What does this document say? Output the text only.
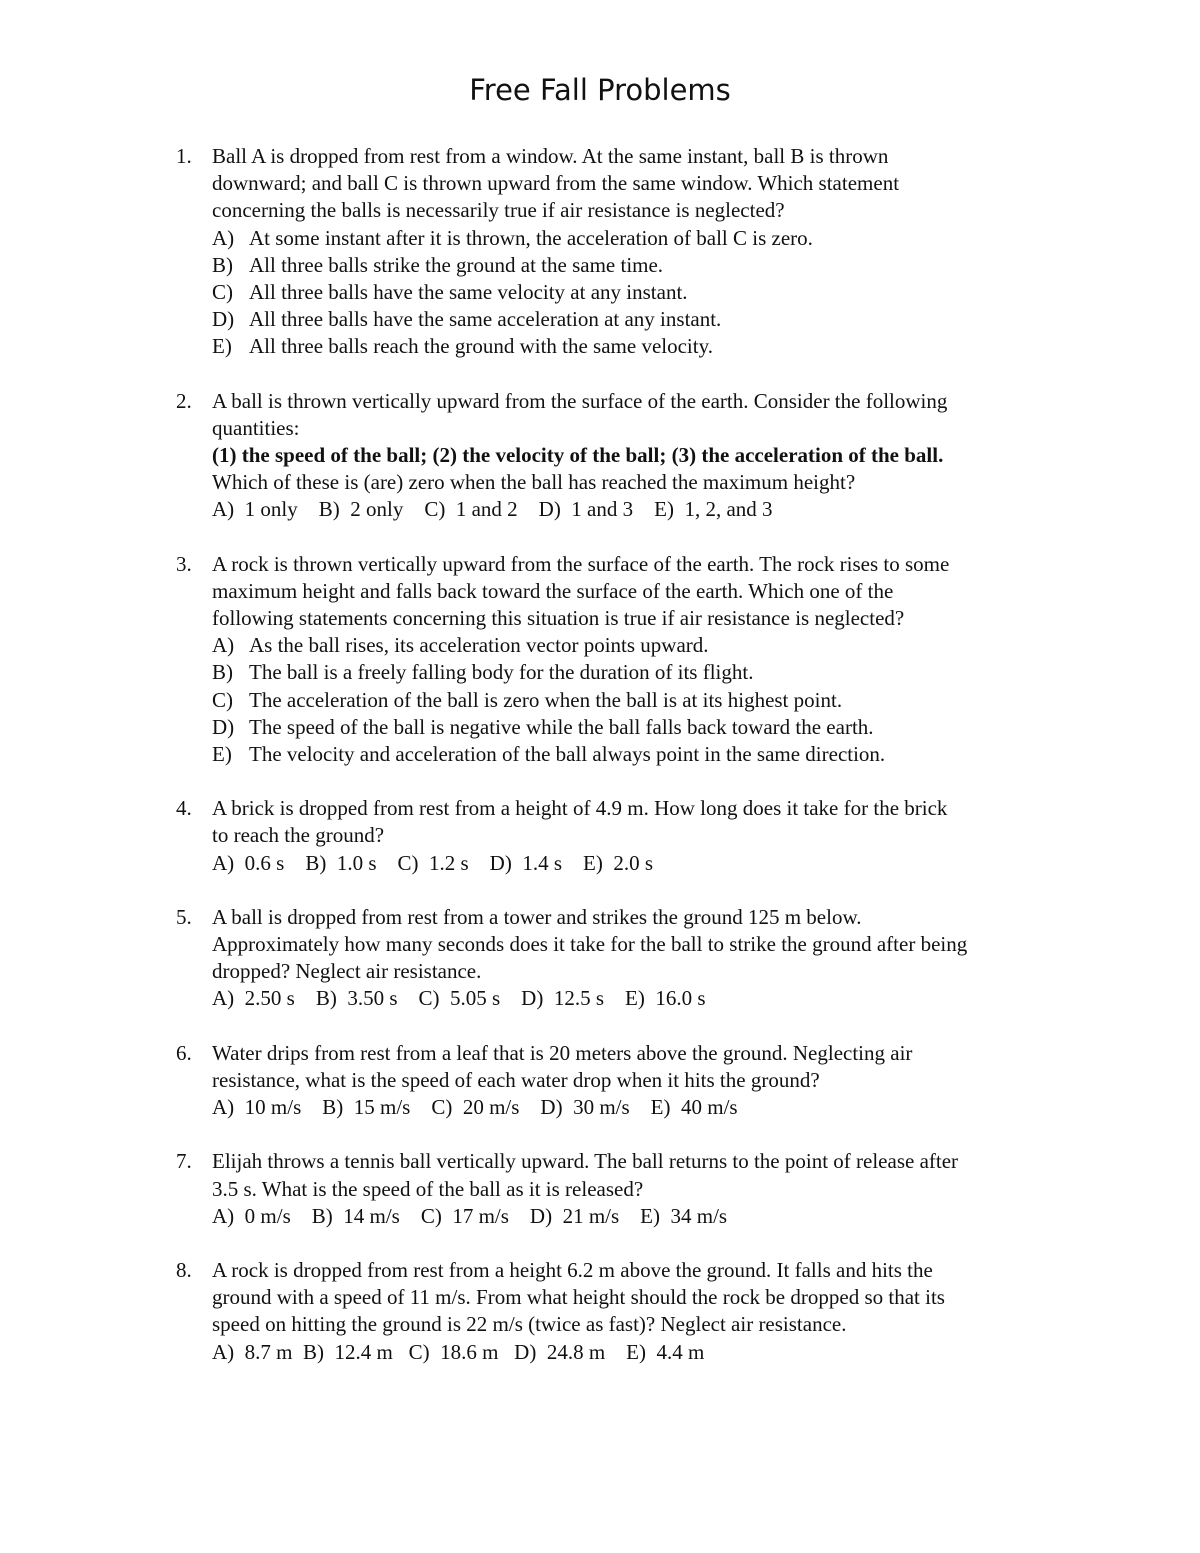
Free Fall Problems
1. Ball A is dropped from rest from a window. At the same instant, ball B is thrown
downward; and ball C is thrown upward from the same window. Which statement
concerning the balls is necessarily true if air resistance is neglected?
A) At some instant after it is thrown, the acceleration of ball C is zero.
B) All three balls strike the ground at the same time.
C) All three balls have the same velocity at any instant.
D) All three balls have the same acceleration at any instant.
E) All three balls reach the ground with the same velocity.
2. A ball is thrown vertically upward from the surface of the earth. Consider the following
quantities:
(1) the speed of the ball; (2) the velocity of the ball; (3) the acceleration of the ball.
Which of these is (are) zero when the ball has reached the maximum height?
A)  1 only    B)  2 only    C)  1 and 2    D)  1 and 3    E)  1, 2, and 3
3. A rock is thrown vertically upward from the surface of the earth. The rock rises to some
maximum height and falls back toward the surface of the earth. Which one of the
following statements concerning this situation is true if air resistance is neglected?
A) As the ball rises, its acceleration vector points upward.
B) The ball is a freely falling body for the duration of its flight.
C) The acceleration of the ball is zero when the ball is at its highest point.
D) The speed of the ball is negative while the ball falls back toward the earth.
E) The velocity and acceleration of the ball always point in the same direction.
4. A brick is dropped from rest from a height of 4.9 m. How long does it take for the brick
to reach the ground?
A)  0.6 s    B)  1.0 s    C)  1.2 s    D)  1.4 s    E)  2.0 s
5. A ball is dropped from rest from a tower and strikes the ground 125 m below.
Approximately how many seconds does it take for the ball to strike the ground after being
dropped? Neglect air resistance.
A)  2.50 s    B)  3.50 s    C)  5.05 s    D)  12.5 s    E)  16.0 s
6. Water drips from rest from a leaf that is 20 meters above the ground. Neglecting air
resistance, what is the speed of each water drop when it hits the ground?
A)  10 m/s    B)  15 m/s    C)  20 m/s    D)  30 m/s    E)  40 m/s
7. Elijah throws a tennis ball vertically upward. The ball returns to the point of release after
3.5 s. What is the speed of the ball as it is released?
A)  0 m/s    B)  14 m/s    C)  17 m/s    D)  21 m/s    E)  34 m/s
8. A rock is dropped from rest from a height 6.2 m above the ground. It falls and hits the
ground with a speed of 11 m/s. From what height should the rock be dropped so that its
speed on hitting the ground is 22 m/s (twice as fast)? Neglect air resistance.
A)  8.7 m  B)  12.4 m   C)  18.6 m   D)  24.8 m    E)  4.4 m
